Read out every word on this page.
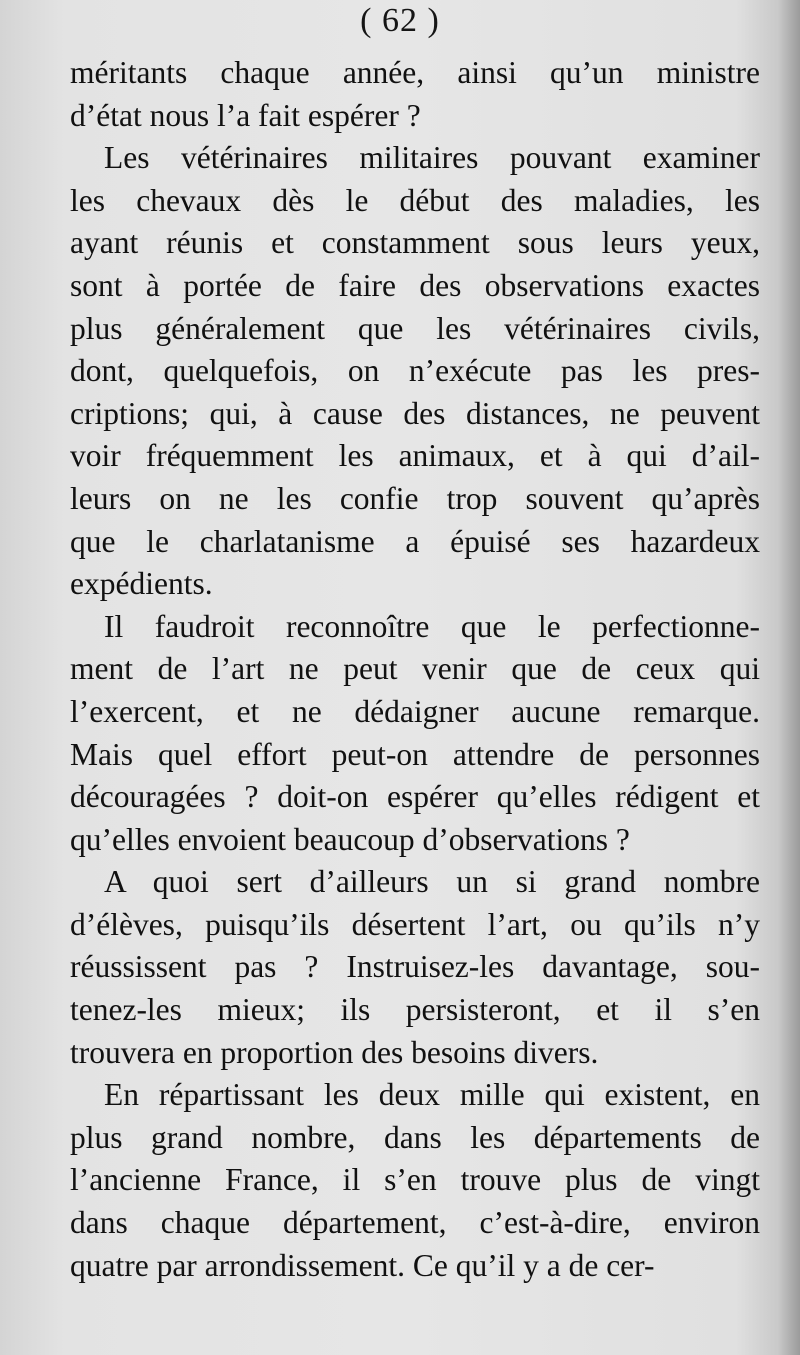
( 62 )
méritants chaque année, ainsi qu’un ministre
d’état nous l’a fait espérer ?
Les vétérinaires militaires pouvant examiner
les chevaux dès le début des maladies, les
ayant réunis et constamment sous leurs yeux,
sont à portée de faire des observations exactes
plus généralement que les vétérinaires civils,
dont, quelquefois, on n’exécute pas les pres-
criptions; qui, à cause des distances, ne peuvent
voir fréquemment les animaux, et à qui d’ail-
leurs on ne les confie trop souvent qu’après
que le charlatanisme a épuisé ses hazardeux
expédients.
Il faudroit reconnoître que le perfectionne-
ment de l’art ne peut venir que de ceux qui
l’exercent, et ne dédaigner aucune remarque.
Mais quel effort peut-on attendre de personnes
découragées ? doit-on espérer qu’elles rédigent et
qu’elles envoient beaucoup d’observations ?
A quoi sert d’ailleurs un si grand nombre
d’élèves, puisqu’ils désertent l’art, ou qu’ils n’y
réussissent pas ? Instruisez-les davantage, sou-
tenez-les mieux; ils persisteront, et il s’en
trouvera en proportion des besoins divers.
En répartissant les deux mille qui existent, en
plus grand nombre, dans les départements de
l’ancienne France, il s’en trouve plus de vingt
dans chaque département, c’est-à-dire, environ
quatre par arrondissement. Ce qu’il y a de cer-
